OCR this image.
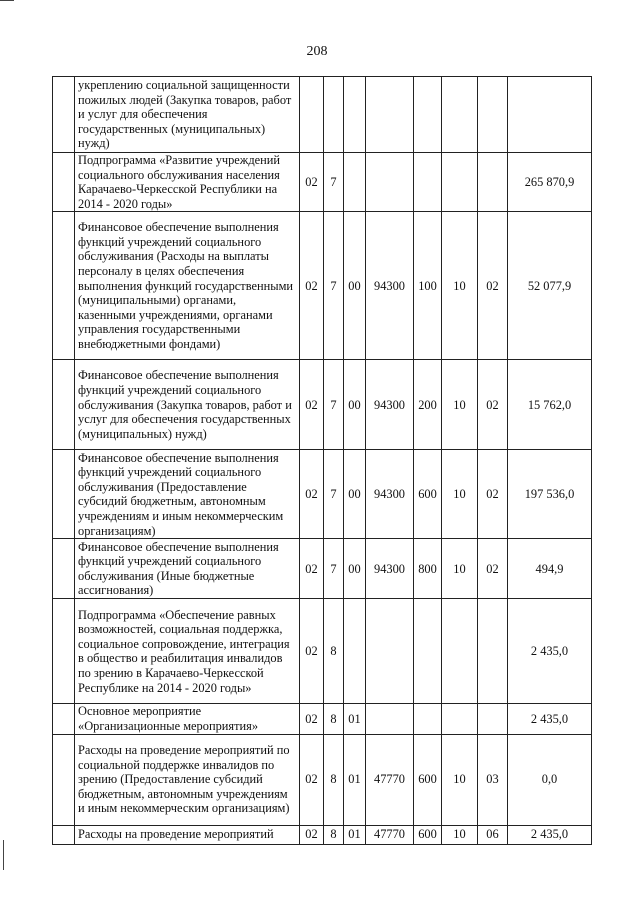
208
	укреплению социальной защищенности пожилых людей (Закупка товаров, работ и услуг для обеспечения государственных (муниципальных) нужд)								
	Подпрограмма «Развитие учреждений социального обслуживания населения Карачаево-Черкесской Республики на 2014 - 2020 годы»	02	7						265 870,9
	Финансовое обеспечение выполнения функций учреждений социального обслуживания (Расходы на выплаты персоналу в целях обеспечения выполнения функций государственными (муниципальными) органами, казенными учреждениями, органами управления государственными внебюджетными фондами)	02	7	00	94300	100	10	02	52 077,9
	Финансовое обеспечение выполнения функций учреждений социального обслуживания (Закупка товаров, работ и услуг для обеспечения государственных (муниципальных) нужд)	02	7	00	94300	200	10	02	15 762,0
	Финансовое обеспечение выполнения функций учреждений социального обслуживания (Предоставление субсидий бюджетным, автономным учреждениям и иным некоммерческим организациям)	02	7	00	94300	600	10	02	197 536,0
	Финансовое обеспечение выполнения функций учреждений социального обслуживания (Иные бюджетные ассигнования)	02	7	00	94300	800	10	02	494,9
	Подпрограмма «Обеспечение равных возможностей, социальная поддержка, социальное сопровождение, интеграция в общество и реабилитация инвалидов по зрению в Карачаево-Черкесской Республике на 2014 - 2020 годы»	02	8						2 435,0
	Основное мероприятие «Организационные мероприятия»	02	8	01					2 435,0
	Расходы на проведение мероприятий по социальной поддержке инвалидов по зрению (Предоставление субсидий бюджетным, автономным учреждениям и иным некоммерческим организациям)	02	8	01	47770	600	10	03	0,0
	Расходы на проведение мероприятий	02	8	01	47770	600	10	06	2 435,0
